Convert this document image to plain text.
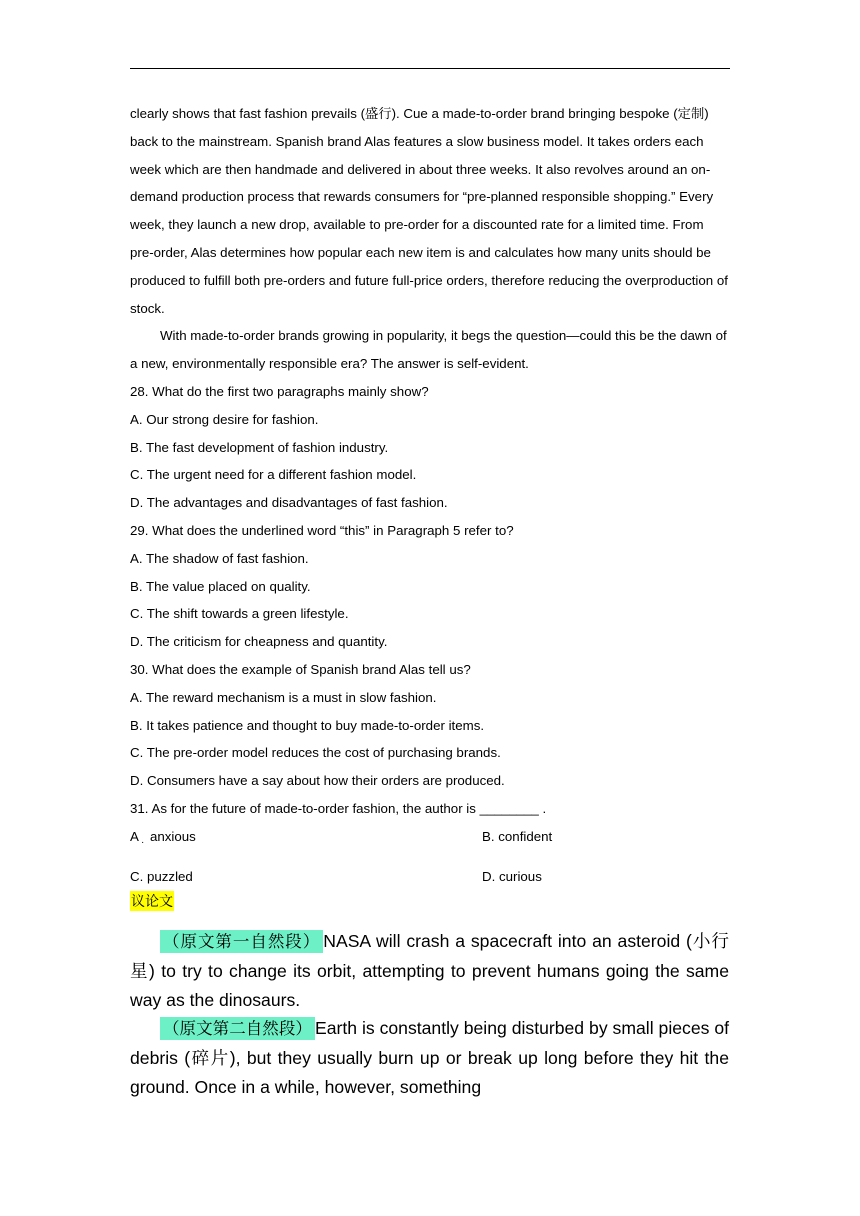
clearly shows that fast fashion prevails (盛行). Cue a made-to-order brand bringing bespoke (定制) back to the mainstream. Spanish brand Alas features a slow business model. It takes orders each week which are then handmade and delivered in about three weeks. It also revolves around an on-demand production process that rewards consumers for “pre-planned responsible shopping.” Every week, they launch a new drop, available to pre-order for a discounted rate for a limited time. From pre-order, Alas determines how popular each new item is and calculates how many units should be produced to fulfill both pre-orders and future full-price orders, therefore reducing the overproduction of stock.

With made-to-order brands growing in popularity, it begs the question—could this be the dawn of a new, environmentally responsible era? The answer is self-evident.

28. What do the first two paragraphs mainly show?

A. Our strong desire for fashion.

B. The fast development of fashion industry.

C. The urgent need for a different fashion model.

D. The advantages and disadvantages of fast fashion.

29. What does the underlined word “this” in Paragraph 5 refer to?

A. The shadow of fast fashion.

B. The value placed on quality.

C. The shift towards a green lifestyle.

D. The criticism for cheapness and quantity.

30. What does the example of Spanish brand Alas tell us?

A. The reward mechanism is a must in slow fashion.

B. It takes patience and thought to buy made-to-order items.

C. The pre-order model reduces the cost of purchasing brands.

D. Consumers have a say about how their orders are produced.

31. As for the future of made-to-order fashion, the author is ________ .

A anxious
·	B. confident
C. puzzled	D. curious
议论文

（原文第一自然段） NASA will crash a spacecraft into an asteroid (小行星) to try to change its orbit, attempting to prevent humans going the same way as the dinosaurs.

（原文第二自然段） Earth is constantly being disturbed by small pieces of debris (碎片), but they usually burn up or break up long before they hit the ground. Once in a while, however, something
